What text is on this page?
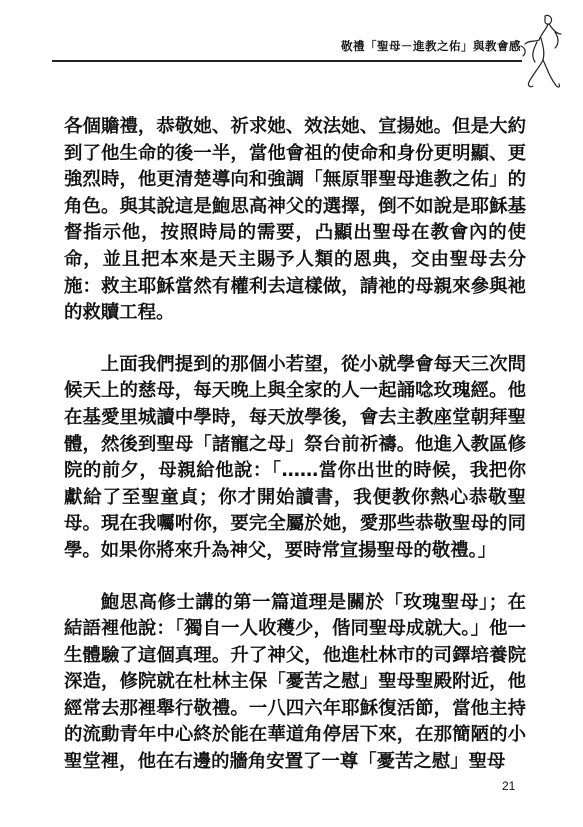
敬禮「聖母－進教之佑」與教會感

各個贍禮，恭敬她、祈求她、效法她、宣揚她。但是大約到了他生命的後一半，當他會祖的使命和身份更明顯、更強烈時，他更清楚導向和強調「無原罪聖母進教之佑」的角色。與其說這是鮑思高神父的選擇，倒不如說是耶穌基督指示他，按照時局的需要，凸顯出聖母在教會內的使命，並且把本來是天主賜予人類的恩典，交由聖母去分施：救主耶穌當然有權利去這樣做，請祂的母親來參與祂的救贖工程。

上面我們提到的那個小若望，從小就學會每天三次問候天上的慈母，每天晚上與全家的人一起誦唸玫瑰經。他在基愛里城讀中學時，每天放學後，會去主教座堂朝拜聖體，然後到聖母「諸寵之母」祭台前祈禱。他進入教區修院的前夕，母親給他說：「……當你出世的時候，我把你獻給了至聖童貞；你才開始讀書，我便教你熱心恭敬聖母。現在我囑咐你，要完全屬於她，愛那些恭敬聖母的同學。如果你將來升為神父，要時常宣揚聖母的敬禮。」

鮑思高修士講的第一篇道理是關於「玫瑰聖母」；在結語裡他說：「獨自一人收穫少，偕同聖母成就大。」他一生體驗了這個真理。升了神父，他進杜林市的司鐸培養院深造，修院就在杜林主保「憂苦之慰」聖母聖殿附近，他經常去那裡舉行敬禮。一八四六年耶穌復活節，當他主持的流動青年中心終於能在華道角停居下來，在那簡陋的小聖堂裡，他在右邊的牆角安置了一尊「憂苦之慰」聖母

21
